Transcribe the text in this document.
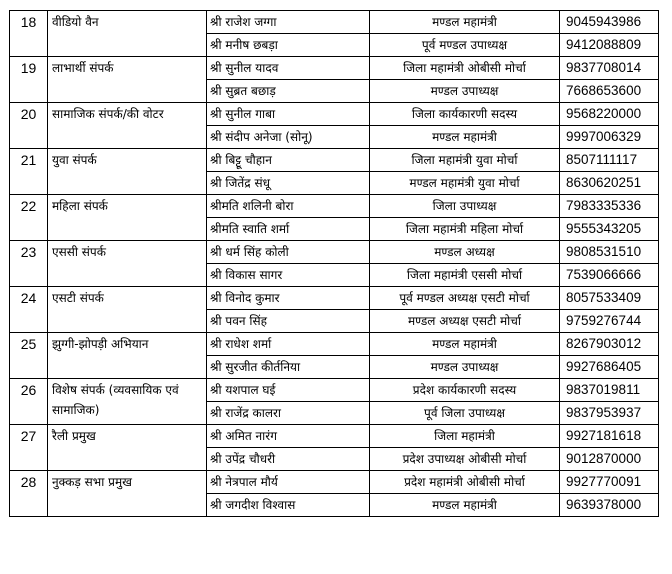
18	वीडियो वैन	श्री राजेश जग्गा	मण्डल महामंत्री	9045943986
		श्री मनीष छबड़ा	पूर्व मण्डल उपाध्यक्ष	9412088809
19	लाभार्थी संपर्क	श्री सुनील यादव	जिला महामंत्री ओबीसी मोर्चा	9837708014
		श्री सुब्रत बछाड़	मण्डल उपाध्यक्ष	7668653600
20	सामाजिक संपर्क/की वोटर	श्री सुनील गाबा	जिला कार्यकारणी सदस्य	9568220000
		श्री संदीप अनेजा (सोनू)	मण्डल महामंत्री	9997006329
21	युवा संपर्क	श्री बिट्टू चौहान	जिला महामंत्री युवा मोर्चा	8507111117
		श्री जितेंद्र संधू	मण्डल महामंत्री युवा मोर्चा	8630620251
22	महिला संपर्क	श्रीमति शलिनी बोरा	जिला उपाध्यक्ष	7983335336
		श्रीमति स्वाति शर्मा	जिला महामंत्री महिला मोर्चा	9555343205
23	एससी संपर्क	श्री धर्म सिंह कोली	मण्डल अध्यक्ष	9808531510
		श्री विकास सागर	जिला महामंत्री एससी मोर्चा	7539066666
24	एसटी संपर्क	श्री विनोद कुमार	पूर्व मण्डल अध्यक्ष एसटी मोर्चा	8057533409
		श्री पवन सिंह	मण्डल अध्यक्ष एसटी मोर्चा	9759276744
25	झुग्गी-झोपड़ी अभियान	श्री राधेश शर्मा	मण्डल महामंत्री	8267903012
		श्री सुरजीत कीर्तनिया	मण्डल उपाध्यक्ष	9927686405
26	विशेष संपर्क (व्यवसायिक एवं सामाजिक)	श्री यशपाल घई	प्रदेश कार्यकारणी सदस्य	9837019811
		श्री राजेंद्र कालरा	पूर्व जिला उपाध्यक्ष	9837953937
27	रैली प्रमुख	श्री अमित नारंग	जिला महामंत्री	9927181618
		श्री उपेंद्र चौधरी	प्रदेश उपाध्यक्ष ओबीसी मोर्चा	9012870000
28	नुक्कड़ सभा प्रमुख	श्री नेत्रपाल मौर्य	प्रदेश महामंत्री ओबीसी मोर्चा	9927770091
		श्री जगदीश विश्वास	मण्डल महामंत्री	9639378000
